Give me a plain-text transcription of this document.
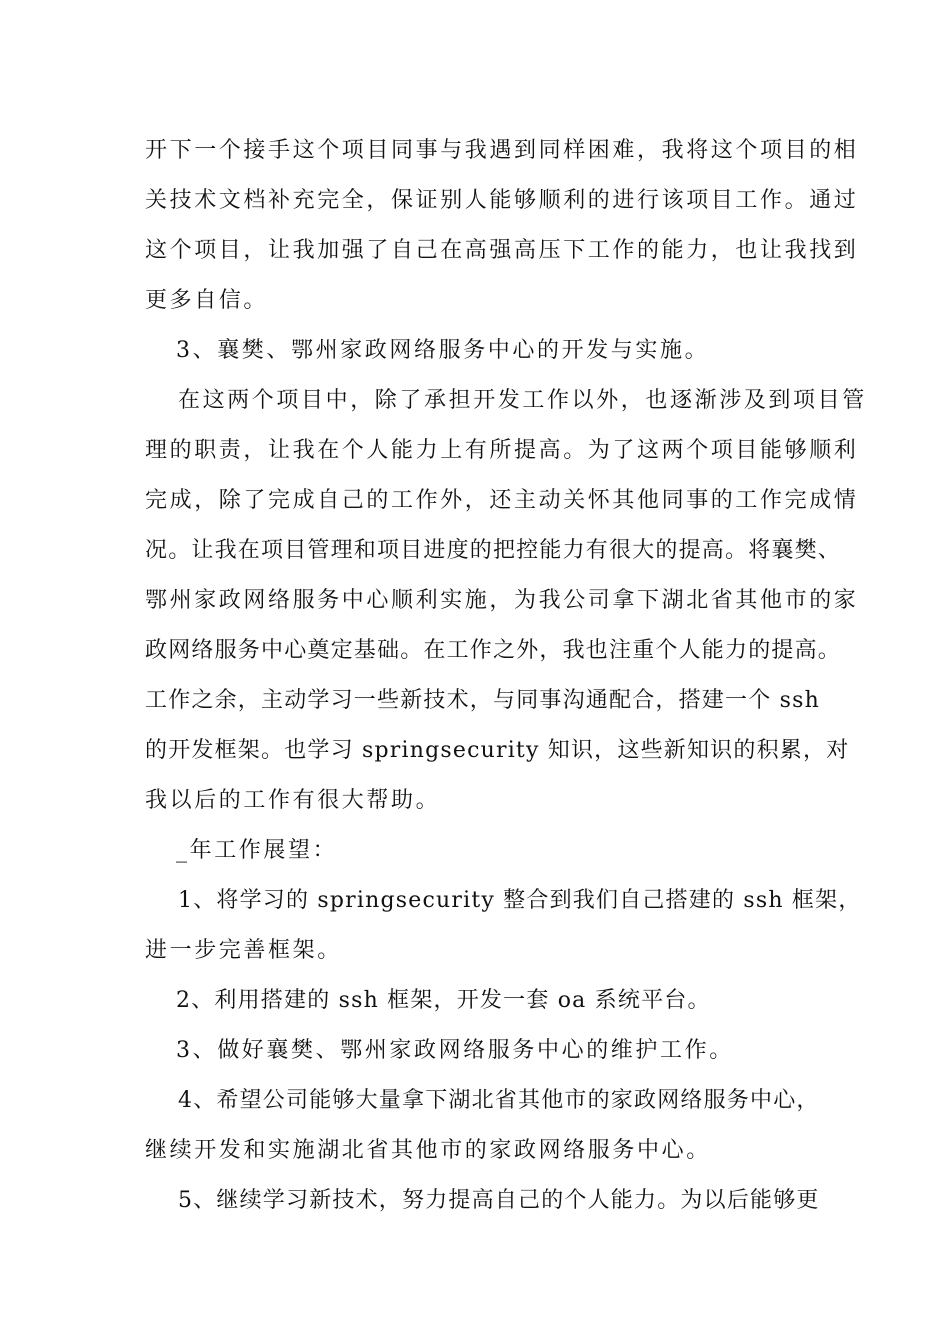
开下一个接手这个项目同事与我遇到同样困难，我将这个项目的相
关技术文档补充完全，保证别人能够顺利的进行该项目工作。通过
这个项目，让我加强了自己在高强高压下工作的能力，也让我找到
更多自信。
3、襄樊、鄂州家政网络服务中心的开发与实施。
在这两个项目中，除了承担开发工作以外，也逐渐涉及到项目管
理的职责，让我在个人能力上有所提高。为了这两个项目能够顺利
完成，除了完成自己的工作外，还主动关怀其他同事的工作完成情
况。让我在项目管理和项目进度的把控能力有很大的提高。将襄樊、
鄂州家政网络服务中心顺利实施，为我公司拿下湖北省其他市的家
政网络服务中心奠定基础。在工作之外，我也注重个人能力的提高。
工作之余，主动学习一些新技术，与同事沟通配合，搭建一个 ssh
的开发框架。也学习 springsecurity 知识，这些新知识的积累，对
我以后的工作有很大帮助。
_年工作展望：
1、将学习的 springsecurity 整合到我们自己搭建的 ssh 框架，
进一步完善框架。
2、利用搭建的 ssh 框架，开发一套 oa 系统平台。
3、做好襄樊、鄂州家政网络服务中心的维护工作。
4、希望公司能够大量拿下湖北省其他市的家政网络服务中心，
继续开发和实施湖北省其他市的家政网络服务中心。
5、继续学习新技术，努力提高自己的个人能力。为以后能够更
